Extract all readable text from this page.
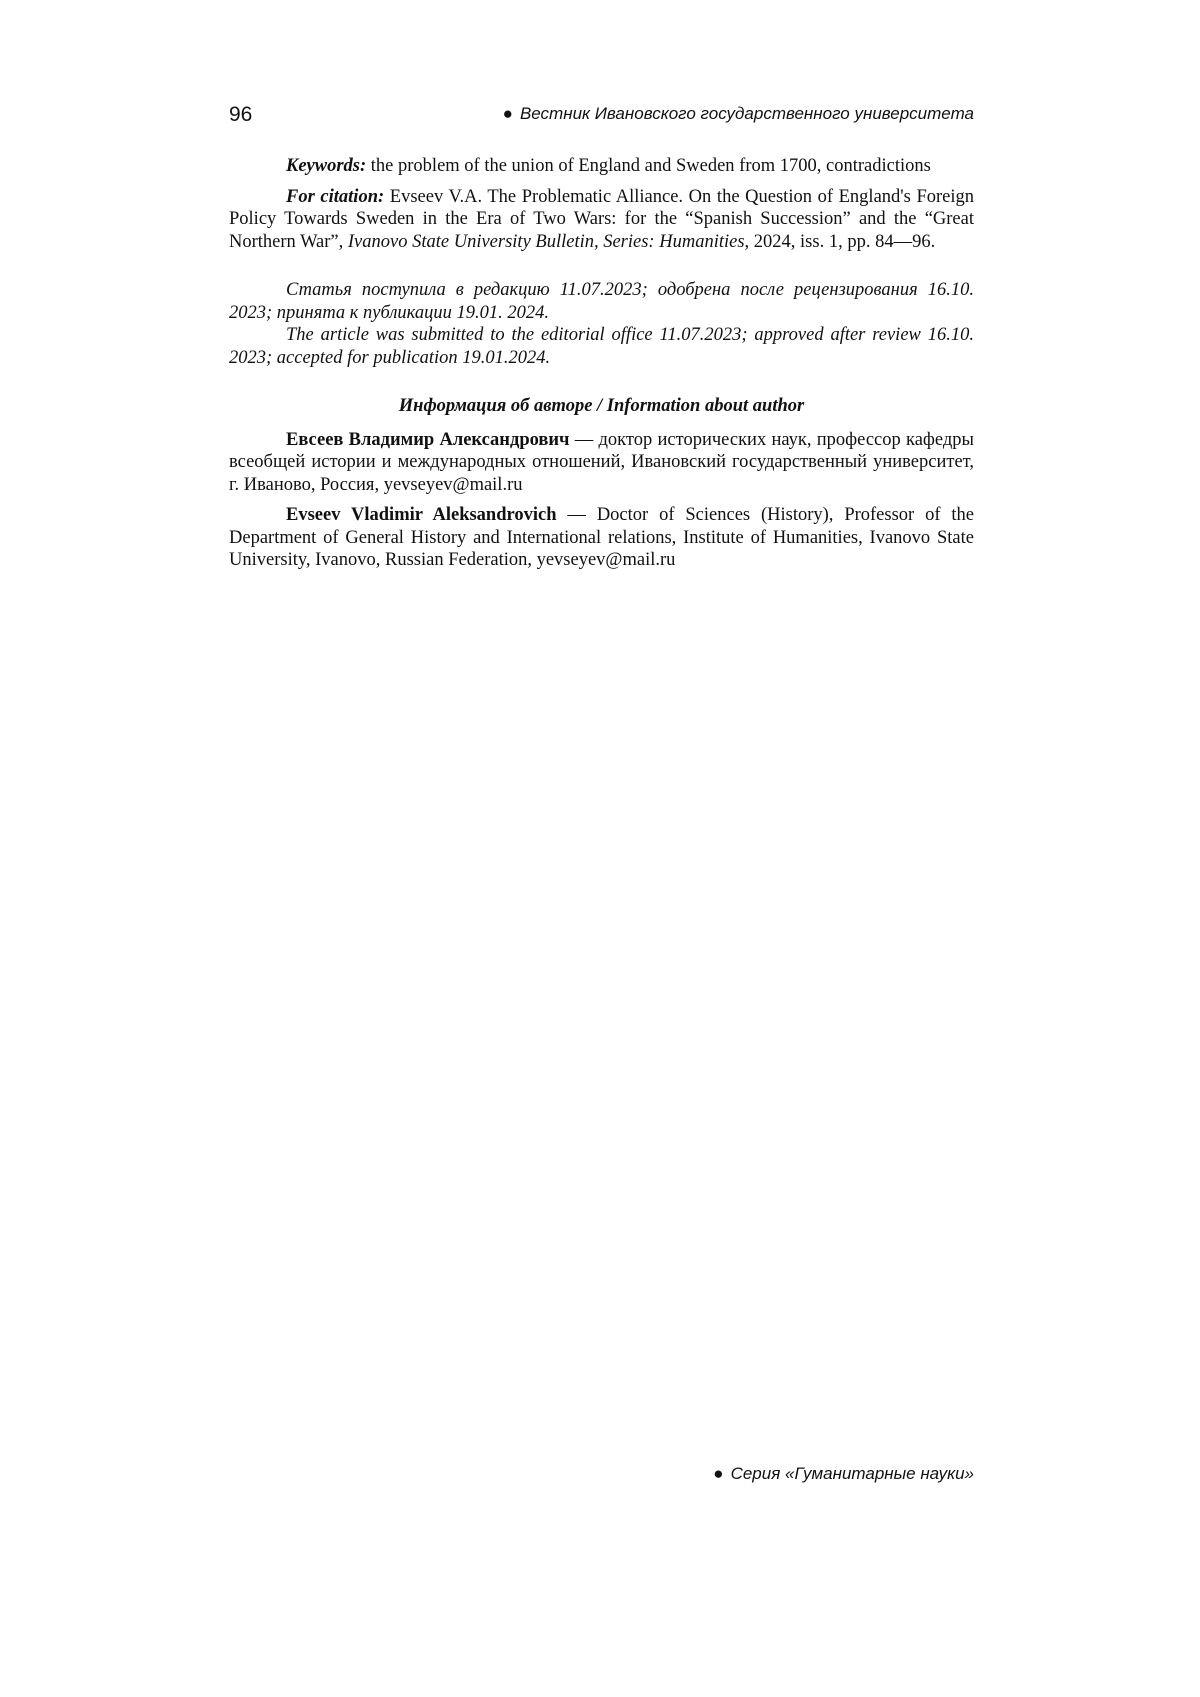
96	● Вестник Ивановского государственного университета

Keywords: the problem of the union of England and Sweden from 1700, contradictions

For citation: Evseev V.A. The Problematic Alliance. On the Question of England's Foreign Policy Towards Sweden in the Era of Two Wars: for the “Spanish Succession” and the “Great Northern War”, Ivanovo State University Bulletin, Series: Humanities, 2024, iss. 1, pp. 84—96.

Статья поступила в редакцию 11.07.2023; одобрена после рецензирования 16.10. 2023; принята к публикации 19.01. 2024.

The article was submitted to the editorial office 11.07.2023; approved after review 16.10. 2023; accepted for publication 19.01.2024.

Информация об авторе / Information about author

Евсеев Владимир Александрович — доктор исторических наук, профессор кафедры всеобщей истории и международных отношений, Ивановский государственный университет, г. Иваново, Россия, yevseyev@mail.ru

Evseev Vladimir Aleksandrovich — Doctor of Sciences (History), Professor of the Department of General History and International relations, Institute of Humanities, Ivanovo State University, Ivanovo, Russian Federation, yevseyev@mail.ru

● Серия «Гуманитарные науки»
